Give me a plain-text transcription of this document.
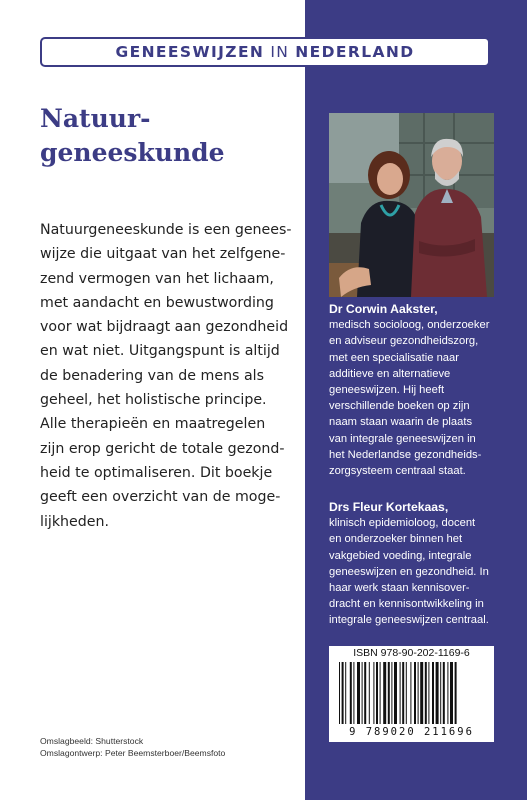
GENEESWIJZEN IN NEDERLAND
Natuur-
geneeskunde
Natuurgeneeskunde is een genees-
wijze die uitgaat van het zelfgene-
zend vermogen van het lichaam,
met aandacht en bewustwording
voor wat bijdraagt aan gezondheid
en wat niet. Uitgangspunt is altijd
de benadering van de mens als
geheel, het holistische principe.
Alle therapieën en maatregelen
zijn erop gericht de totale gezond-
heid te optimaliseren. Dit boekje
geeft een overzicht van de moge-
lijkheden.
Dr Corwin Aakster,
medisch socioloog, onderzoeker
en adviseur gezondheidszorg,
met een specialisatie naar
additieve en alternatieve
geneeswijzen. Hij heeft
verschillende boeken op zijn
naam staan waarin de plaats
van integrale geneeswijzen in
het Nederlandse gezondheids-
zorgsysteem centraal staat.
Drs Fleur Kortekaas,
klinisch epidemioloog, docent
en onderzoeker binnen het
vakgebied voeding, integrale
geneeswijzen en gezondheid. In
haar werk staan kennisover-
dracht en kennisontwikkeling in
integrale geneeswijzen centraal.
ISBN 978-90-202-1169-6
9 789020 211696
Omslagbeeld: Shutterstock
Omslagontwerp: Peter Beemsterboer/Beemsfoto
